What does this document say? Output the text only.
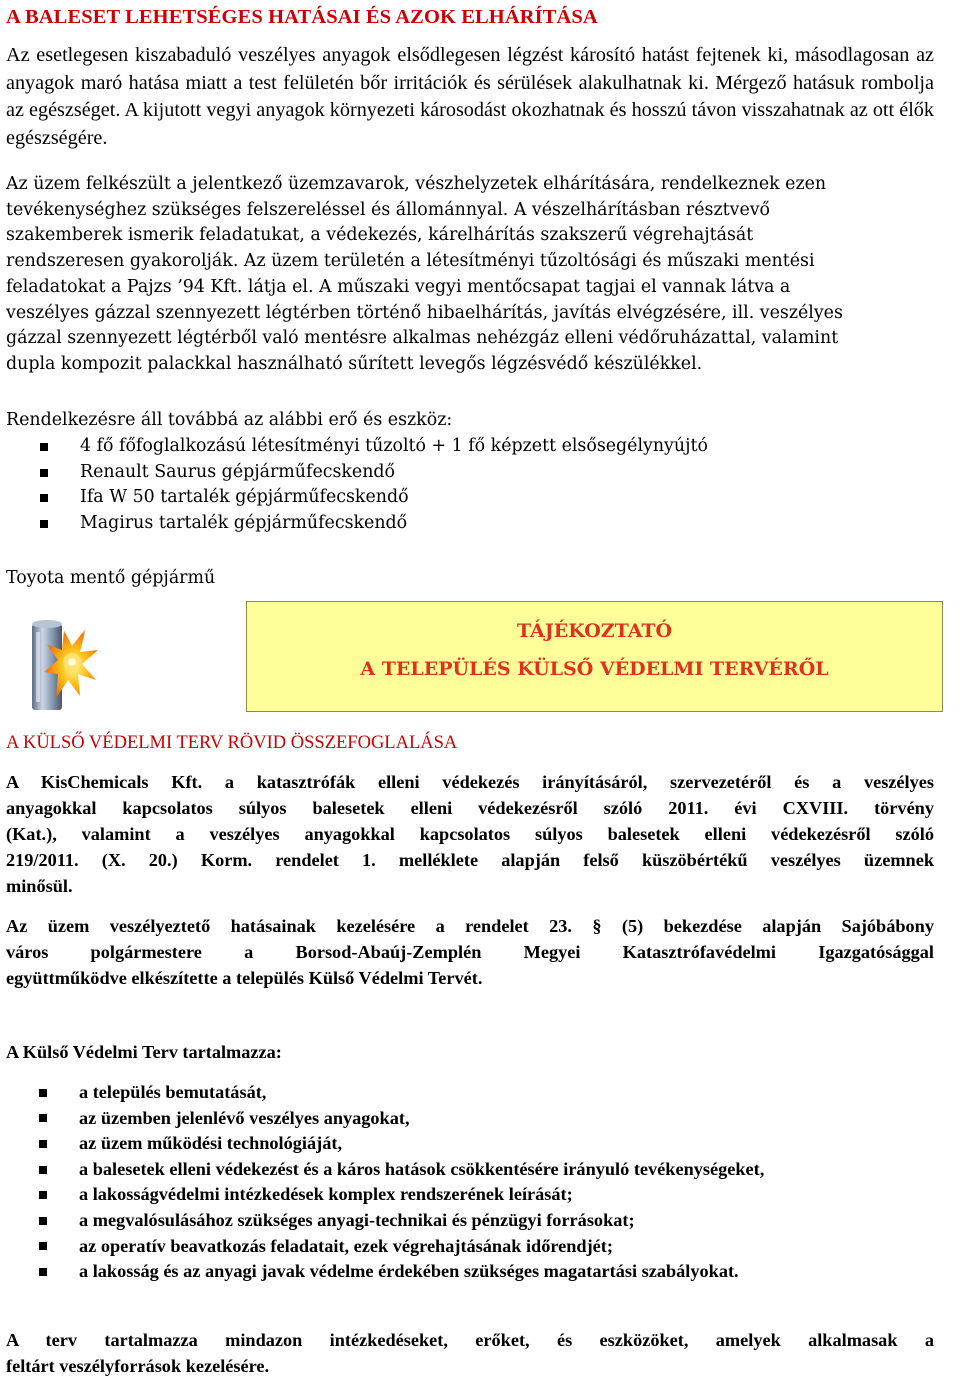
A BALESET LEHETSÉGES HATÁSAI ÉS AZOK ELHÁRÍTÁSA
Az esetlegesen kiszabaduló veszélyes anyagok elsődlegesen légzést károsító hatást fejtenek ki, másodlagosan az anyagok maró hatása miatt a test felületén bőr irritációk és sérülések alakulhatnak ki. Mérgező hatásuk rombolja az egészséget. A kijutott vegyi anyagok környezeti károsodást okozhatnak és hosszú távon visszahatnak az ott élők egészségére.
Az üzem felkészült a jelentkező üzemzavarok, vészhelyzetek elhárítására, rendelkeznek ezen
tevékenységhez szükséges felszereléssel és állománnyal. A vészelhárításban résztvevő
szakemberek ismerik feladatukat, a védekezés, kárelhárítás szakszerű végrehajtását
rendszeresen gyakorolják. Az üzem területén a létesítményi tűzoltósági és műszaki mentési
feladatokat a Pajzs ’94 Kft. látja el. A műszaki vegyi mentőcsapat tagjai el vannak látva a
veszélyes gázzal szennyezett légtérben történő hibaelhárítás, javítás elvégzésére, ill. veszélyes
gázzal szennyezett légtérből való mentésre alkalmas nehézgáz elleni védőruházattal, valamint
dupla kompozit palackkal használható sűrített levegős légzésvédő készülékkel.
Rendelkezésre áll továbbá az alábbi erő és eszköz:
4 fő főfoglalkozású létesítményi tűzoltó + 1 fő képzett elsősegélynyújtó
Renault Saurus gépjárműfecskendő
Ifa W 50 tartalék gépjárműfecskendő
Magirus tartalék gépjárműfecskendő
Toyota mentő gépjármű
TÁJÉKOZTATÓ
A TELEPÜLÉS KÜLSŐ VÉDELMI TERVÉRŐL
A KÜLSŐ VÉDELMI TERV RÖVID ÖSSZEFOGLALÁSA
A KisChemicals Kft. a katasztrófák elleni védekezés irányításáról, szervezetéről és a veszélyes
anyagokkal kapcsolatos súlyos balesetek elleni védekezésről szóló 2011. évi CXVIII. törvény
(Kat.), valamint a veszélyes anyagokkal kapcsolatos súlyos balesetek elleni védekezésről szóló
219/2011. (X. 20.) Korm. rendelet 1. melléklete alapján felső küszöbértékű veszélyes üzemnek
minősül.
Az üzem veszélyeztető hatásainak kezelésére a rendelet 23. § (5) bekezdése alapján Sajóbábony
város polgármestere a Borsod-Abaúj-Zemplén Megyei Katasztrófavédelmi Igazgatósággal
együttműködve elkészítette a település Külső Védelmi Tervét.
A Külső Védelmi Terv tartalmazza:
a település bemutatását,
az üzemben jelenlévő veszélyes anyagokat,
az üzem működési technológiáját,
a balesetek elleni védekezést és a káros hatások csökkentésére irányuló tevékenységeket,
a lakosságvédelmi intézkedések komplex rendszerének leírását;
a megvalósulásához szükséges anyagi-technikai és pénzügyi forrásokat;
az operatív beavatkozás feladatait, ezek végrehajtásának időrendjét;
a lakosság és az anyagi javak védelme érdekében szükséges magatartási szabályokat.
A terv tartalmazza mindazon intézkedéseket, erőket, és eszközöket, amelyek alkalmasak a
feltárt veszélyforrások kezelésére.
